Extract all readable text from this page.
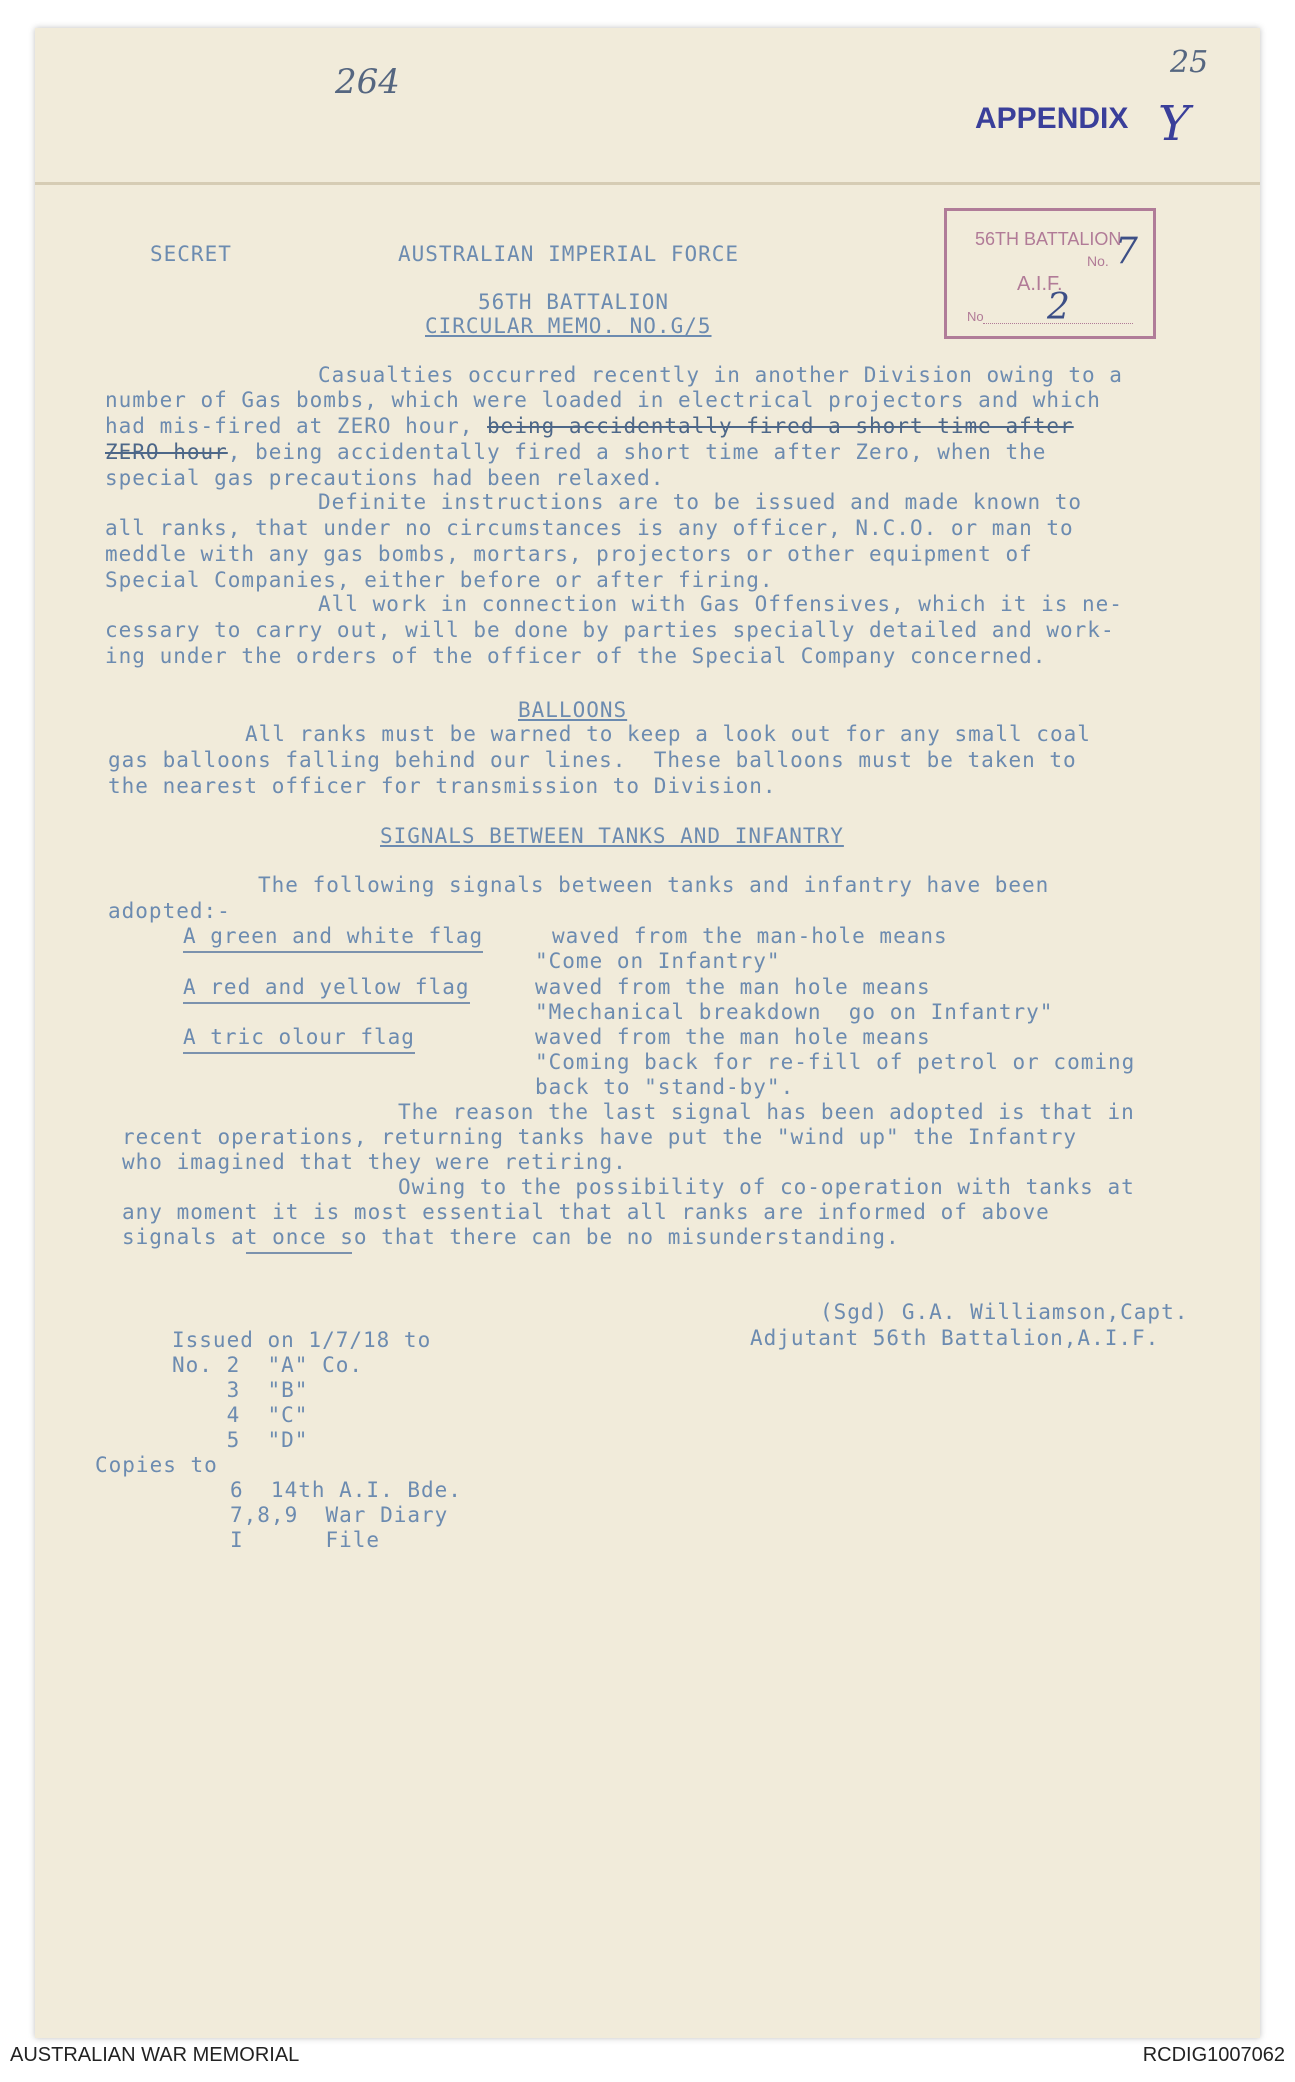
264	25
APPENDIX Y
56TH BATTALION
No. 7
A.I.F.
No 2
SECRET	AUSTRALIAN IMPERIAL FORCE
56TH BATTALION
CIRCULAR MEMO. NO.G/5
Casualties occurred recently in another Division owing to a
number of Gas bombs, which were loaded in electrical projectors and which
had mis-fired at ZERO hour, being accidentally fired a short time after
ZERO hour, being accidentally fired a short time after Zero, when the
special gas precautions had been relaxed.
Definite instructions are to be issued and made known to
all ranks, that under no circumstances is any officer, N.C.O. or man to
meddle with any gas bombs, mortars, projectors or other equipment of
Special Companies, either before or after firing.
All work in connection with Gas Offensives, which it is ne-
cessary to carry out, will be done by parties specially detailed and work-
ing under the orders of the officer of the Special Company concerned.
BALLOONS
All ranks must be warned to keep a look out for any small coal
gas balloons falling behind our lines.  These balloons must be taken to
the nearest officer for transmission to Division.
SIGNALS BETWEEN TANKS AND INFANTRY
The following signals between tanks and infantry have been
adopted:-
A green and white flag	waved from the man-hole means
"Come on Infantry"
A red and yellow flag	waved from the man hole means
"Mechanical breakdown  go on Infantry"
A tric olour flag	waved from the man hole means
"Coming back for re-fill of petrol or coming
back to "stand-by".
The reason the last signal has been adopted is that in
recent operations, returning tanks have put the "wind up" the Infantry
who imagined that they were retiring.
Owing to the possibility of co-operation with tanks at
any moment it is most essential that all ranks are informed of above
signals at once so that there can be no misunderstanding.
(Sgd) G.A. Williamson,Capt.
Adjutant 56th Battalion,A.I.F.
Issued on 1/7/18 to
No. 2  "A" Co.
3  "B"
4  "C"
5  "D"
Copies to
6  14th A.I. Bde.
7,8,9  War Diary
I      File
AUSTRALIAN WAR MEMORIAL	RCDIG1007062
